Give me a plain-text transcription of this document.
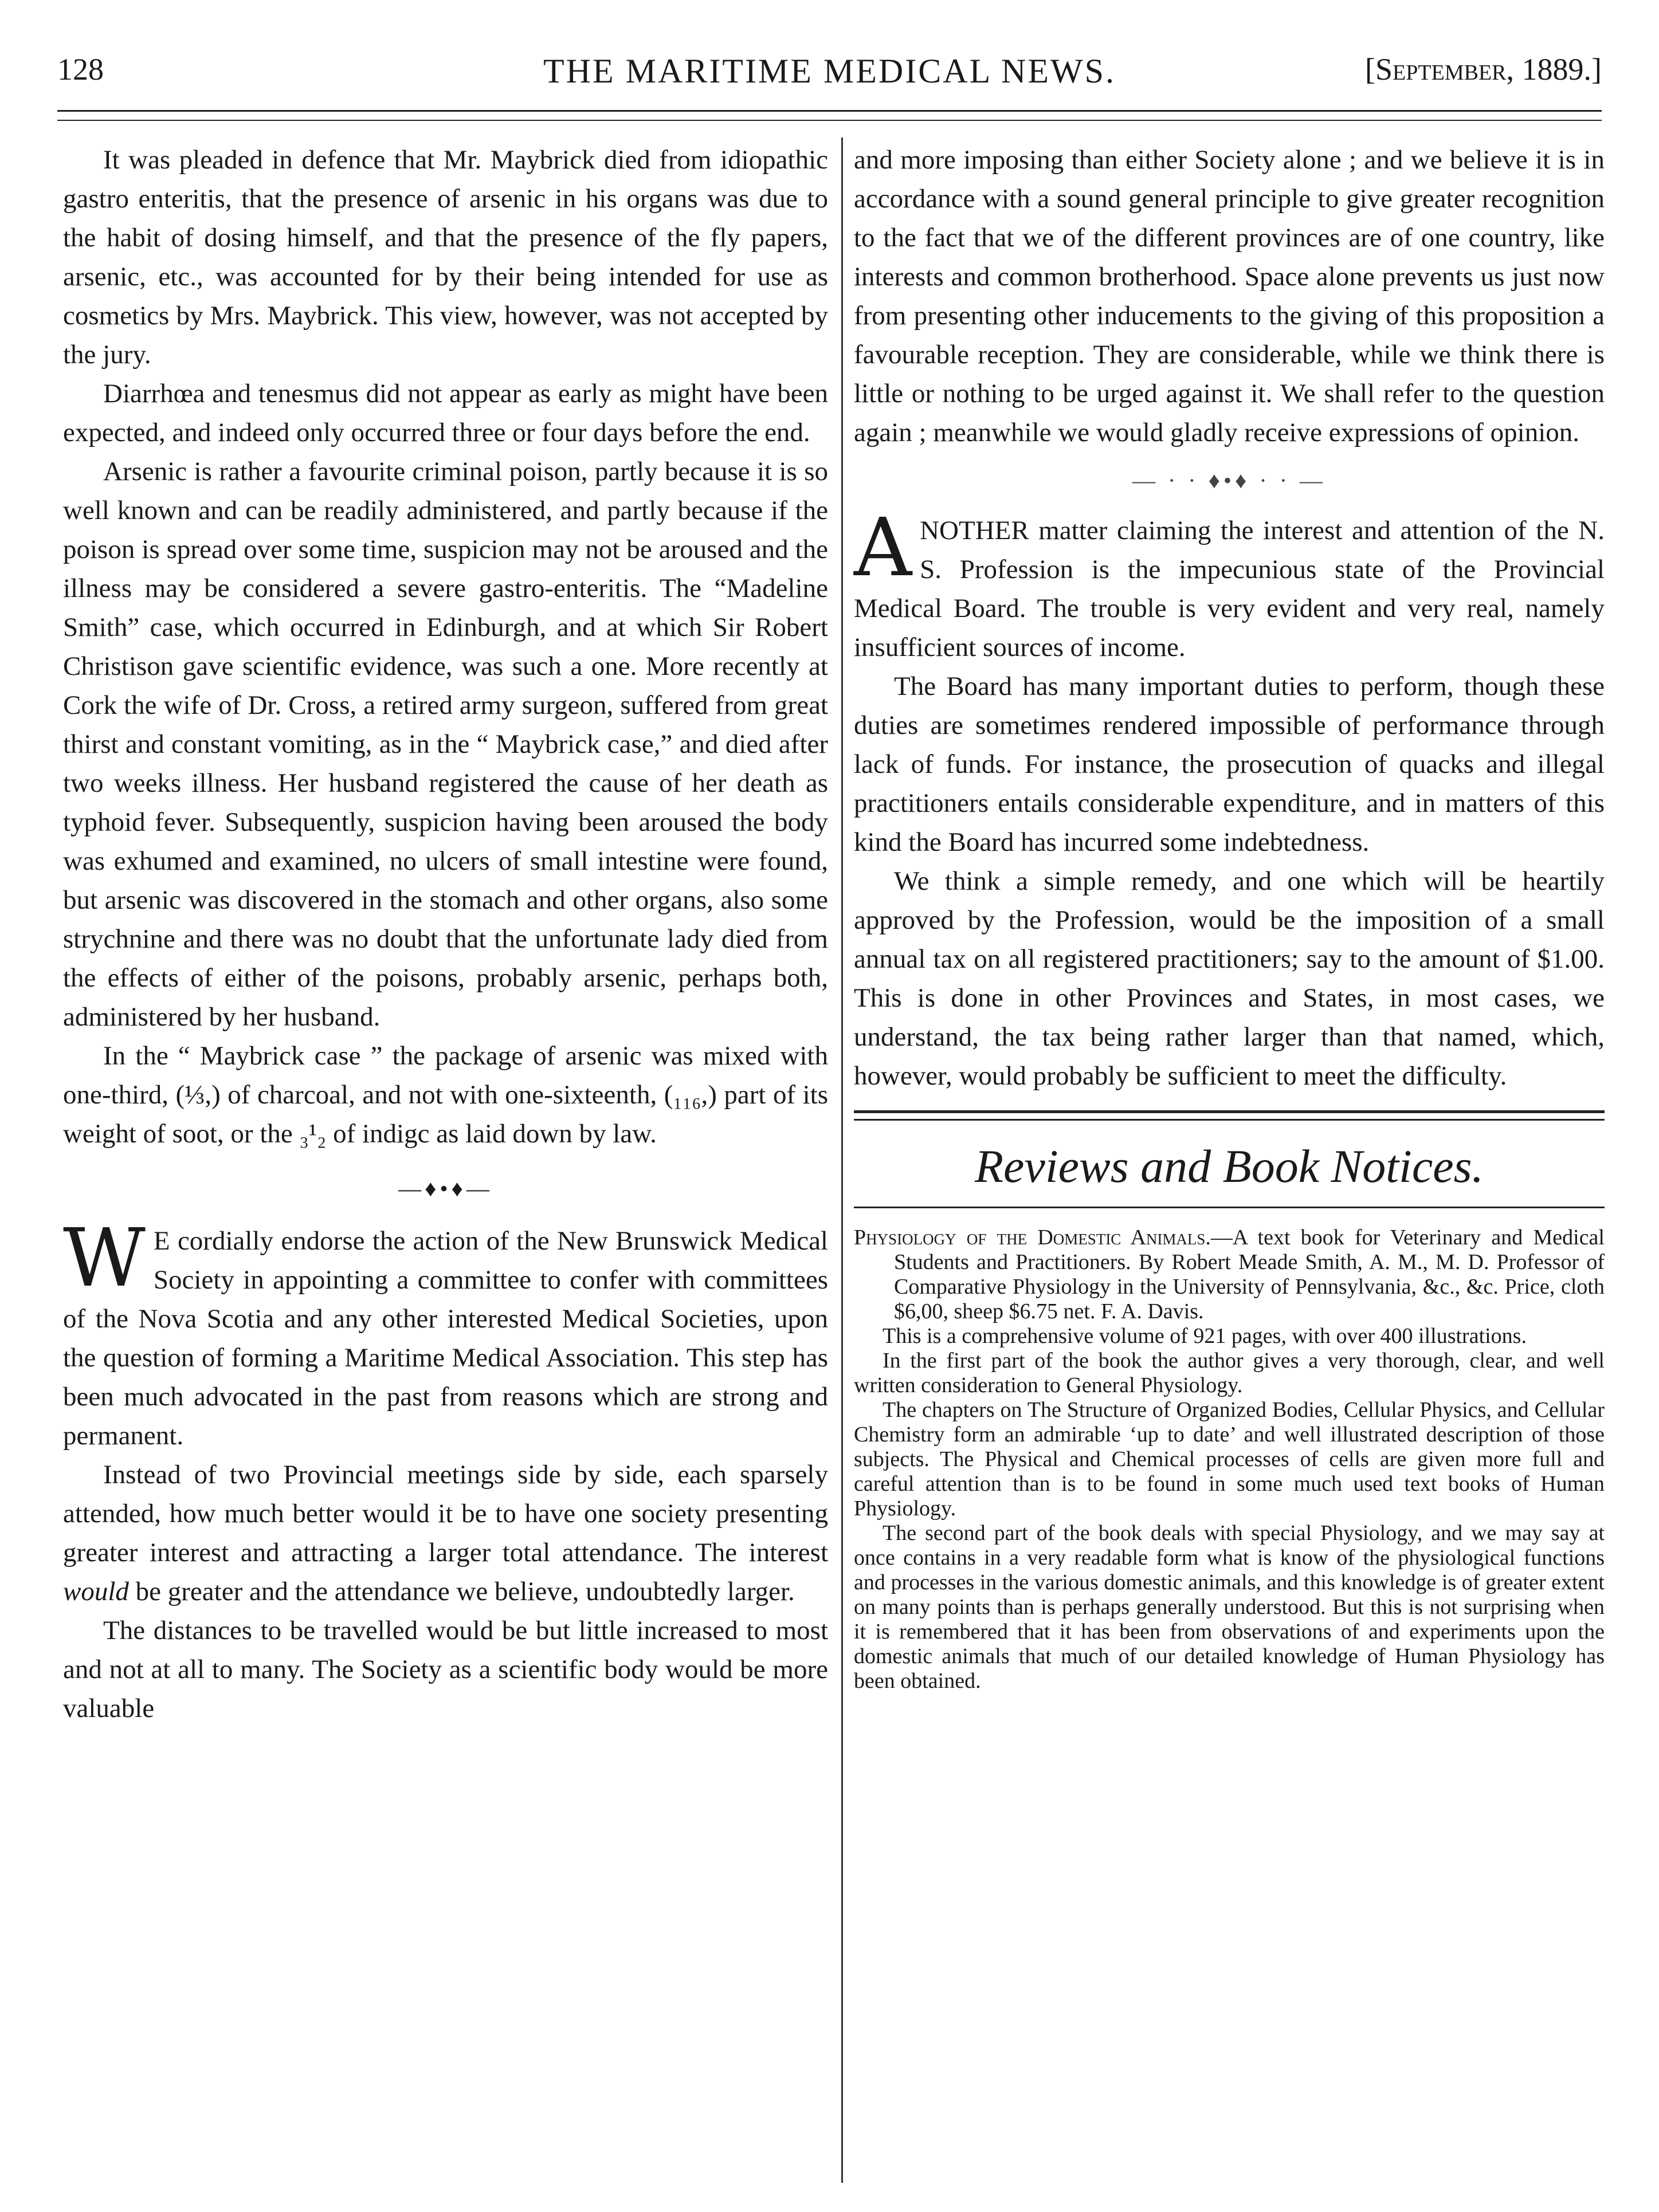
128	THE MARITIME MEDICAL NEWS.	[September, 1889.]

It was pleaded in defence that Mr. Maybrick died from idiopathic gastro enteritis, that the presence of arsenic in his organs was due to the habit of dosing himself, and that the presence of the fly papers, arsenic, etc., was accounted for by their being intended for use as cosmetics by Mrs. Maybrick. This view, however, was not accepted by the jury.

Diarrhœa and tenesmus did not appear as early as might have been expected, and indeed only occurred three or four days before the end.

Arsenic is rather a favourite criminal poison, partly because it is so well known and can be readily administered, and partly because if the poison is spread over some time, suspicion may not be aroused and the illness may be considered a severe gastro-enteritis. The “Madeline Smith” case, which occurred in Edinburgh, and at which Sir Robert Christison gave scientific evidence, was such a one. More recently at Cork the wife of Dr. Cross, a retired army surgeon, suffered from great thirst and constant vomiting, as in the “ Maybrick case,” and died after two weeks illness. Her husband registered the cause of her death as typhoid fever. Subsequently, suspicion having been aroused the body was exhumed and examined, no ulcers of small intestine were found, but arsenic was discovered in the stomach and other organs, also some strychnine and there was no doubt that the unfortunate lady died from the effects of either of the poisons, probably arsenic, perhaps both, administered by her husband.

In the “ Maybrick case ” the package of arsenic was mixed with one-third, (⅓,) of charcoal, and not with one-sixteenth, (₁₁₆,) part of its weight of soot, or the ₃¹₂ of indigc as laid down by law.

—♦•♦—

W E cordially endorse the action of the New Brunswick Medical Society in appointing a committee to confer with committees of the Nova Scotia and any other interested Medical Societies, upon the question of forming a Maritime Medical Association. This step has been much advocated in the past from reasons which are strong and permanent.

Instead of two Provincial meetings side by side, each sparsely attended, how much better would it be to have one society presenting greater interest and attracting a larger total attendance. The interest would be greater and the attendance we believe, undoubtedly larger.

The distances to be travelled would be but little increased to most and not at all to many. The Society as a scientific body would be more valuable

and more imposing than either Society alone ; and we believe it is in accordance with a sound general principle to give greater recognition to the fact that we of the different provinces are of one country, like interests and common brotherhood. Space alone prevents us just now from presenting other inducements to the giving of this proposition a favourable reception. They are considerable, while we think there is little or nothing to be urged against it. We shall refer to the question again ; meanwhile we would gladly receive expressions of opinion.

— · · ♦•♦ · · —

ANOTHER matter claiming the interest and attention of the N. S. Profession is the impecunious state of the Provincial Medical Board. The trouble is very evident and very real, namely insufficient sources of income.

The Board has many important duties to perform, though these duties are sometimes rendered impossible of performance through lack of funds. For instance, the prosecution of quacks and illegal practitioners entails considerable expenditure, and in matters of this kind the Board has incurred some indebtedness.

We think a simple remedy, and one which will be heartily approved by the Profession, would be the imposition of a small annual tax on all registered practitioners; say to the amount of $1.00. This is done in other Provinces and States, in most cases, we understand, the tax being rather larger than that named, which, however, would probably be sufficient to meet the difficulty.

Reviews and Book Notices.

Physiology of the Domestic Animals.—A text book for Veterinary and Medical Students and Practitioners. By Robert Meade Smith, A. M., M. D. Professor of Comparative Physiology in the University of Pennsylvania, &c., &c. Price, cloth $6,00, sheep $6.75 net. F. A. Davis.

This is a comprehensive volume of 921 pages, with over 400 illustrations.

In the first part of the book the author gives a very thorough, clear, and well written consideration to General Physiology.

The chapters on The Structure of Organized Bodies, Cellular Physics, and Cellular Chemistry form an admirable ‘up to date’ and well illustrated description of those subjects. The Physical and Chemical processes of cells are given more full and careful attention than is to be found in some much used text books of Human Physiology.

The second part of the book deals with special Physiology, and we may say at once contains in a very readable form what is know of the physiological functions and processes in the various domestic animals, and this knowledge is of greater extent on many points than is perhaps generally understood. But this is not surprising when it is remembered that it has been from observations of and experiments upon the domestic animals that much of our detailed knowledge of Human Physiology has been obtained.
